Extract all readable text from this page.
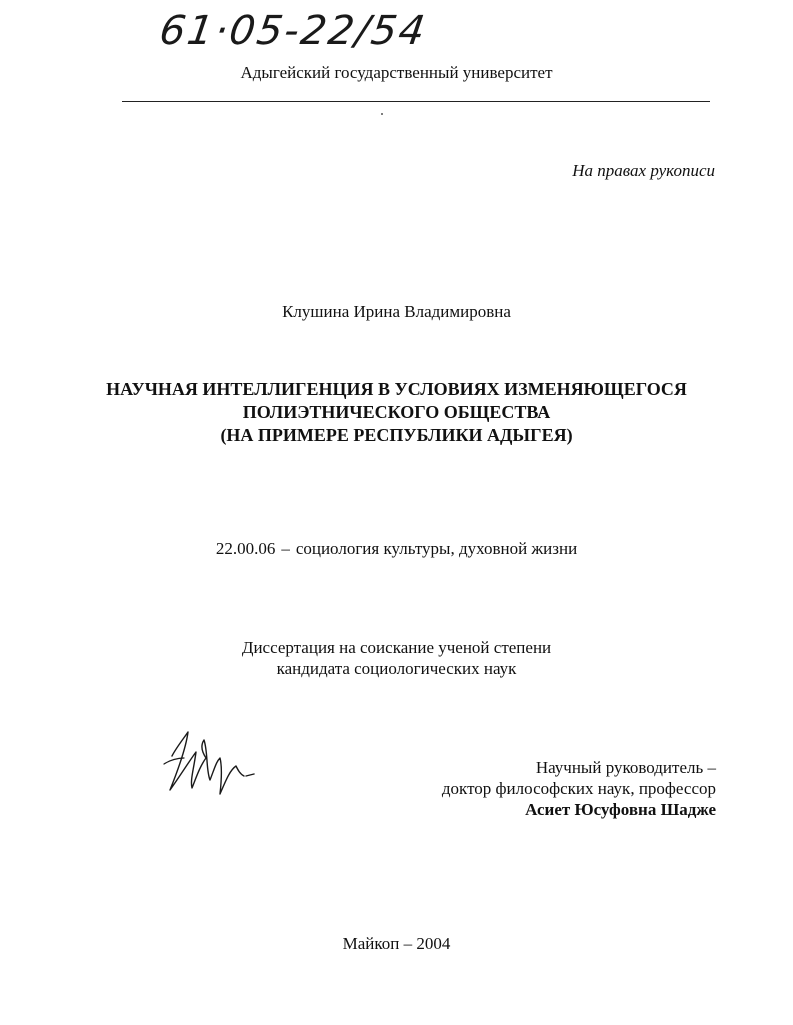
61·05-22/54
Адыгейский государственный университет
На правах рукописи
Клушина Ирина Владимировна
НАУЧНАЯ ИНТЕЛЛИГЕНЦИЯ В УСЛОВИЯХ ИЗМЕНЯЮЩЕГОСЯ
ПОЛИЭТНИЧЕСКОГО ОБЩЕСТВА
(НА ПРИМЕРЕ РЕСПУБЛИКИ АДЫГЕЯ)
22.00.06 – социология культуры, духовной жизни
Диссертация на соискание ученой степени
кандидата социологических наук
Научный руководитель –
доктор философских наук, профессор
Асиет Юсуфовна Шадже
Майкоп – 2004
